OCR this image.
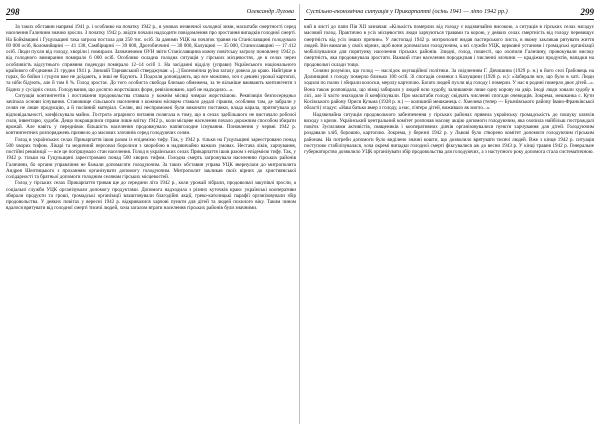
298	Олександр Лугова

За таких обставин напрямі 1941 р. і особливо на початку 1942 р., в умовах незвичної холодної зими, масштаби смертності серед населення Галичини значно зросли. З початку 1942 р. звідти почали надходити повідомлення про зростання випадків голодної смерті. На Бойківщині і Гуцульщині така загроза постала для 250 тис. осіб. За даними УЦК на початок травня на Станіславщині голодувало 69 000 осіб, Коломийщині — 41 138, Самбірщині — 39 000, Дрогобиччині — 30 000, Калущині — 35 000, Станиславщині — 17 412 осіб. Люди пухли від голоду, хворіли і помирали. Зазначеними ОУН звіти Станіславщина кожну повітську загрозу поновлену 1942 р. від голодного вимирання помирало 6 000 осіб. Особливо складна голодна ситуація у гірських місцевостях, де в селах через особливість відсутнього сприяння подекуди помирало 12–14 осіб 1. На засіданні відділу (управи) Українського національного крайового об'єднання 21 грудня 1941 р. Зиновій Тарнавський стверджував: «[...] Економічна руїна загалу довела до краю. Найгірше в горах, бо бойки і гуцули вже не доїдають, а інші не бідують. З Подолля доповідають, що все можливо, хоч є дешеві урожаї картоплі, та ніби бідують, але й там 6 %. Голод зростає. До того особиста свобода близько обмежена, за те вільніше вживають контингенти з бідних у сусідніх селах. Голодування, що досягло жорсткіших форм, ревізіоновано, щоб не надходило...».

Ситуація контингентів і постачання продовольства ставала у кожнім місяці чимраз жорсткішою. Реквізиція безпосередньо зачіпала основи існування. Становище сільського населення з кожним місяцем ставало дедалі гіршим, особливо там, де забрали у селян не лише продукцію, а й посівний матеріал. Селян, які неспроможні були виконати поставки, влада карала, притягувала до відповідальності, конфіскувала майно. Гострота аграрного питання полягала в тому, що в селах здебільшого не вистачало робочої сили, інвентарю, худоби. Дещо покращилися справи лише влітку 1942 р., коли місцеве населення почало дорожчим способом збирати врожай. Але навіть у переднівок більшість населення продовжувало напівголодне існування. Поновлення у червні 1942 р. контингентних розпоряджень призвело до масових злочинів серед голодуючих селян.

Голод в українських селах Прикарпаття ішов разом із епідемією тифу. Так, у 1942 р. тільки на Гуцульщині зареєстровано понад 500 хворих тифом. Лікарі та медичний персонал боролися з хворобою в надзвичайно важких умовах. Нестача ліків, харчування, постійні реквізиції — все це погіршувало стан населення. Голод в українських селах Прикарпаття ішов разом з епідемією тифу. Так, у 1942 р. тільки на Гуцульщині зареєстровано понад 500 хворих тифом. Голодна смерть загрожувала населенню гірських районів Галичини, бо органи управління не бажали допомагати голодуючим. За таких обставин управа УЦК звернулася до митрополита Андрея Шептицького з проханням організувати допомогу голодуючим. Митрополит закликав своїх вірних до християнської солідарності та братньої допомоги голодним селянам гірських місцевостей.

Голод у гірських селах Прикарпаття тривав ще до середини літа 1942 р., коли урожай зібрали, продовольчі закупівлі зросли, а соціальні служби УЦК організували допомогу продуктами. Допомога надходила з різних куточків краю: українські кооперативи збирали продукти та гроші, громадські організації влаштовували благодійні акції, греко-католицькі парафії організовували збір продовольства. У деяких повітах у вересні 1942 р. відкривалися харчові пункти для дітей та людей похилого віку. Таким чином вдалося врятувати від голодної смерті тисячі людей, хоча загалом втрати населення гірських районів були значними.

Суспільно-економічна ситуація у Прикарпатті (осінь 1941 — літо 1942 рр.)	299

кий в листі до папи Пія XII зазначав: «Кількість померлих від голоду є надзвичайно високою, а ситуація в гірських селах нагадує масовий голод. Практично в усіх місцевостях люди харчуються травами та корою, у деяких селах смертність від голоду перевищує смертність від усіх інших причин». У листопаді 1942 р. митрополит видав пастирського листа, в якому закликав рятувати життя людей. Він вимагав у своїх вірних, щоб вони допомагали голодуючим, а всі служби УЦК, церковні установи і громадські організації мобілізувалися для порятунку населення гірських районів. Злидні, голод, пошесті, що охопили Галичину, провокували високу смертність, яка продовжувала зростати. Важкий стан населення породжував і численні злочини — крадіжки продуктів, нападки на продовольчі склади тощо.

Селяни розуміли, що голод — наслідок окупаційної політики. За свідченням Г. Дячишина (1929 р. н.) в його селі Ґрабовець на Долинщині з голоду померло близько 100 осіб. Зі спогадів селянки з Калущини (1928 р. н.): «Забирали все, що було в хаті. Люди ходили по полях і збирали колоски, мерзлу картоплю. Багато людей пухли від голоду і померли. У нас в родині померло двоє дітей...». Вона також розповідала, що німці забирали у людей всю худобу, залишаючи лише одну корову на двір. Іноді люди ховали худобу в лісі, але її часто знаходили й конфіскували. Про масштаби голоду свідчать численні спогади очевидців. Зокрема, мешканка с. Кути Косівського району Орися Кузьма (1928 р. н.) — колишній мешканець с. Хмелева (тепер — Букачівського району Івано-Франківської області) згадує: «Наш батько вмер з голоду, а нас, п'ятеро дітей, виживало як могло...».

Надзвичайна ситуація продовольчого забезпечення у гірських районах привела українську громадськість до пошуку шляхів виходу з кризи. Український центральний комітет розпочав масову акцію допомоги голодуючим, яка охопила найбільш постраждалі повіти. Зусиллями активістів, священиків і кооперативних діячів організовувалися пункти харчування для дітей. Голодуючим роздавали хліб, борошно, картоплю. Зокрема, у березні 1942 р. у Львові було створено комітет допомоги голодуючим гірським районам. На потреби допомоги було виділено значні кошти, що дозволило врятувати тисячі людей. Вже з кінця 1942 р. ситуація поступово стабілізувалася, хоча окремі випадки голодної смерті фіксувалися аж до весни 1943 р. У кінці травня 1942 р. Генеральне губернаторство дозволило УЦК організувати збір продовольства для голодуючих, а з наступного року допомога стала систематичною.
